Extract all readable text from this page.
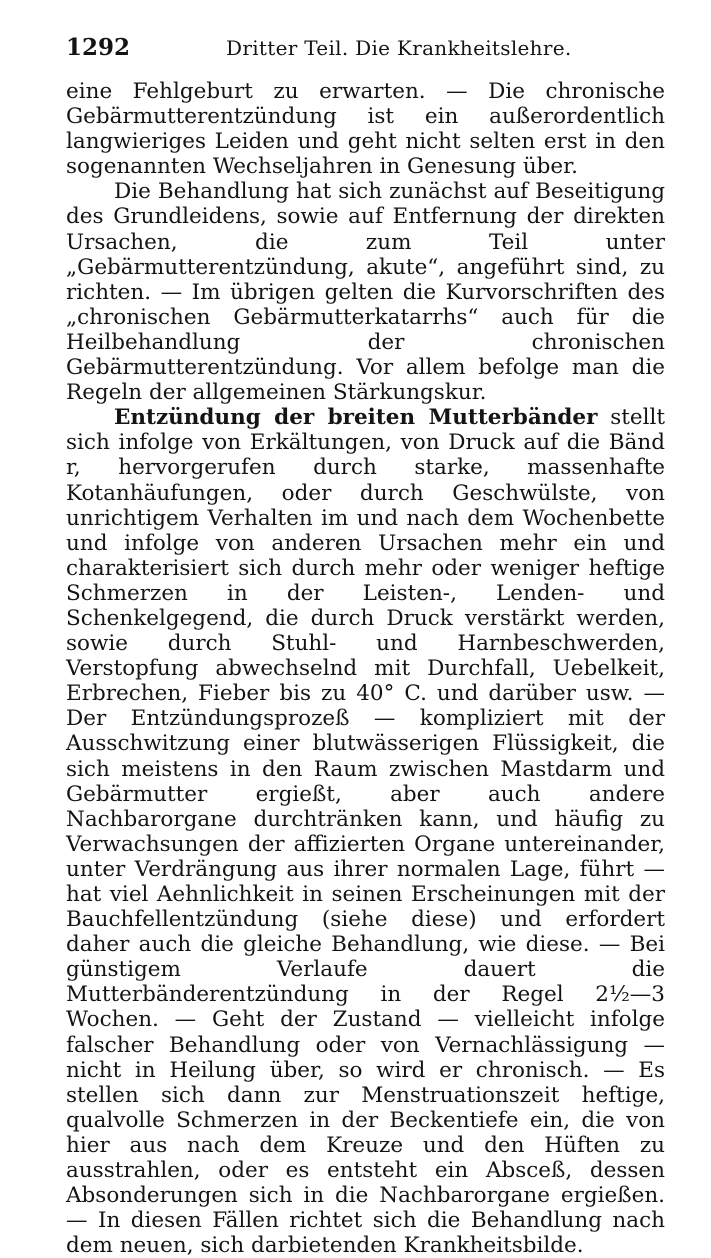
1292	Dritter Teil. Die Krankheitslehre.

eine Fehlgeburt zu erwarten. — Die chronische Gebärmutterentzündung ist ein außerordentlich langwieriges Leiden und geht nicht selten erst in den sogenannten Wechseljahren in Genesung über.

Die Behandlung hat sich zunächst auf Beseitigung des Grundleidens, sowie auf Entfernung der direkten Ursachen, die zum Teil unter „Gebärmutterentzündung, akute“, angeführt sind, zu richten. — Im übrigen gelten die Kurvorschriften des „chronischen Gebärmutterkatarrhs“ auch für die Heilbehandlung der chronischen Gebärmutterentzündung. Vor allem befolge man die Regeln der allgemeinen Stärkungskur.

Entzündung der breiten Mutterbänder stellt sich infolge von Erkältungen, von Druck auf die Bänd r, hervorgerufen durch starke, massenhafte Kotanhäufungen, oder durch Geschwülste, von unrichtigem Verhalten im und nach dem Wochenbette und infolge von anderen Ursachen mehr ein und charakterisiert sich durch mehr oder weniger heftige Schmerzen in der Leisten-, Lenden- und Schenkelgegend, die durch Druck verstärkt werden, sowie durch Stuhl- und Harnbeschwerden, Verstopfung abwechselnd mit Durchfall, Uebelkeit, Erbrechen, Fieber bis zu 40° C. und darüber usw. — Der Entzündungsprozeß — kompliziert mit der Ausschwitzung einer blutwässerigen Flüssigkeit, die sich meistens in den Raum zwischen Mastdarm und Gebärmutter ergießt, aber auch andere Nachbarorgane durchtränken kann, und häufig zu Verwachsungen der affizierten Organe untereinander, unter Verdrängung aus ihrer normalen Lage, führt — hat viel Aehnlichkeit in seinen Erscheinungen mit der Bauchfellentzündung (siehe diese) und erfordert daher auch die gleiche Behandlung, wie diese. — Bei günstigem Verlaufe dauert die Mutterbänderentzündung in der Regel 2½—3 Wochen. — Geht der Zustand — vielleicht infolge falscher Behandlung oder von Vernachlässigung — nicht in Heilung über, so wird er chronisch. — Es stellen sich dann zur Menstruationszeit heftige, qualvolle Schmerzen in der Beckentiefe ein, die von hier aus nach dem Kreuze und den Hüften zu ausstrahlen, oder es entsteht ein Absceß, dessen Absonderungen sich in die Nachbarorgane ergießen. — In diesen Fällen richtet sich die Behandlung nach dem neuen, sich darbietenden Krankheitsbilde.
